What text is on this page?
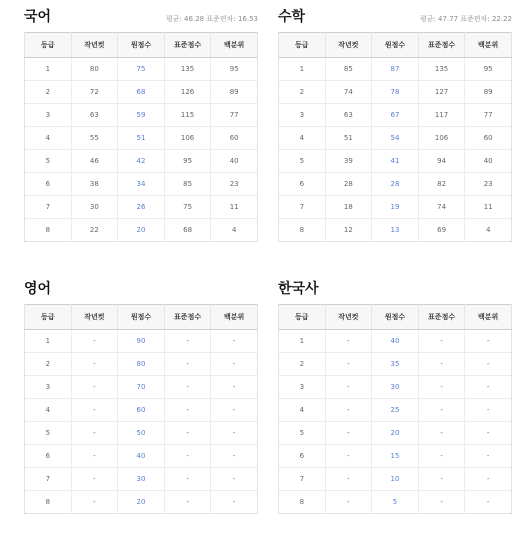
국어	평균: 46.28 표준편차: 16.53
등급	작년컷	원점수	표준점수	백분위
1	80	75	135	95
2	72	68	126	89
3	63	59	115	77
4	55	51	106	60
5	46	42	95	40
6	38	34	85	23
7	30	26	75	11
8	22	20	68	4
수학	평균: 47.77 표준편차: 22.22
등급	작년컷	원점수	표준점수	백분위
1	85	87	135	95
2	74	78	127	89
3	63	67	117	77
4	51	54	106	60
5	39	41	94	40
6	28	28	82	23
7	18	19	74	11
8	12	13	69	4
영어
등급	작년컷	원점수	표준점수	백분위
1	-	90	-	-
2	-	80	-	-
3	-	70	-	-
4	-	60	-	-
5	-	50	-	-
6	-	40	-	-
7	-	30	-	-
8	-	20	-	-
한국사
등급	작년컷	원점수	표준점수	백분위
1	-	40	-	-
2	-	35	-	-
3	-	30	-	-
4	-	25	-	-
5	-	20	-	-
6	-	15	-	-
7	-	10	-	-
8	-	5	-	-
